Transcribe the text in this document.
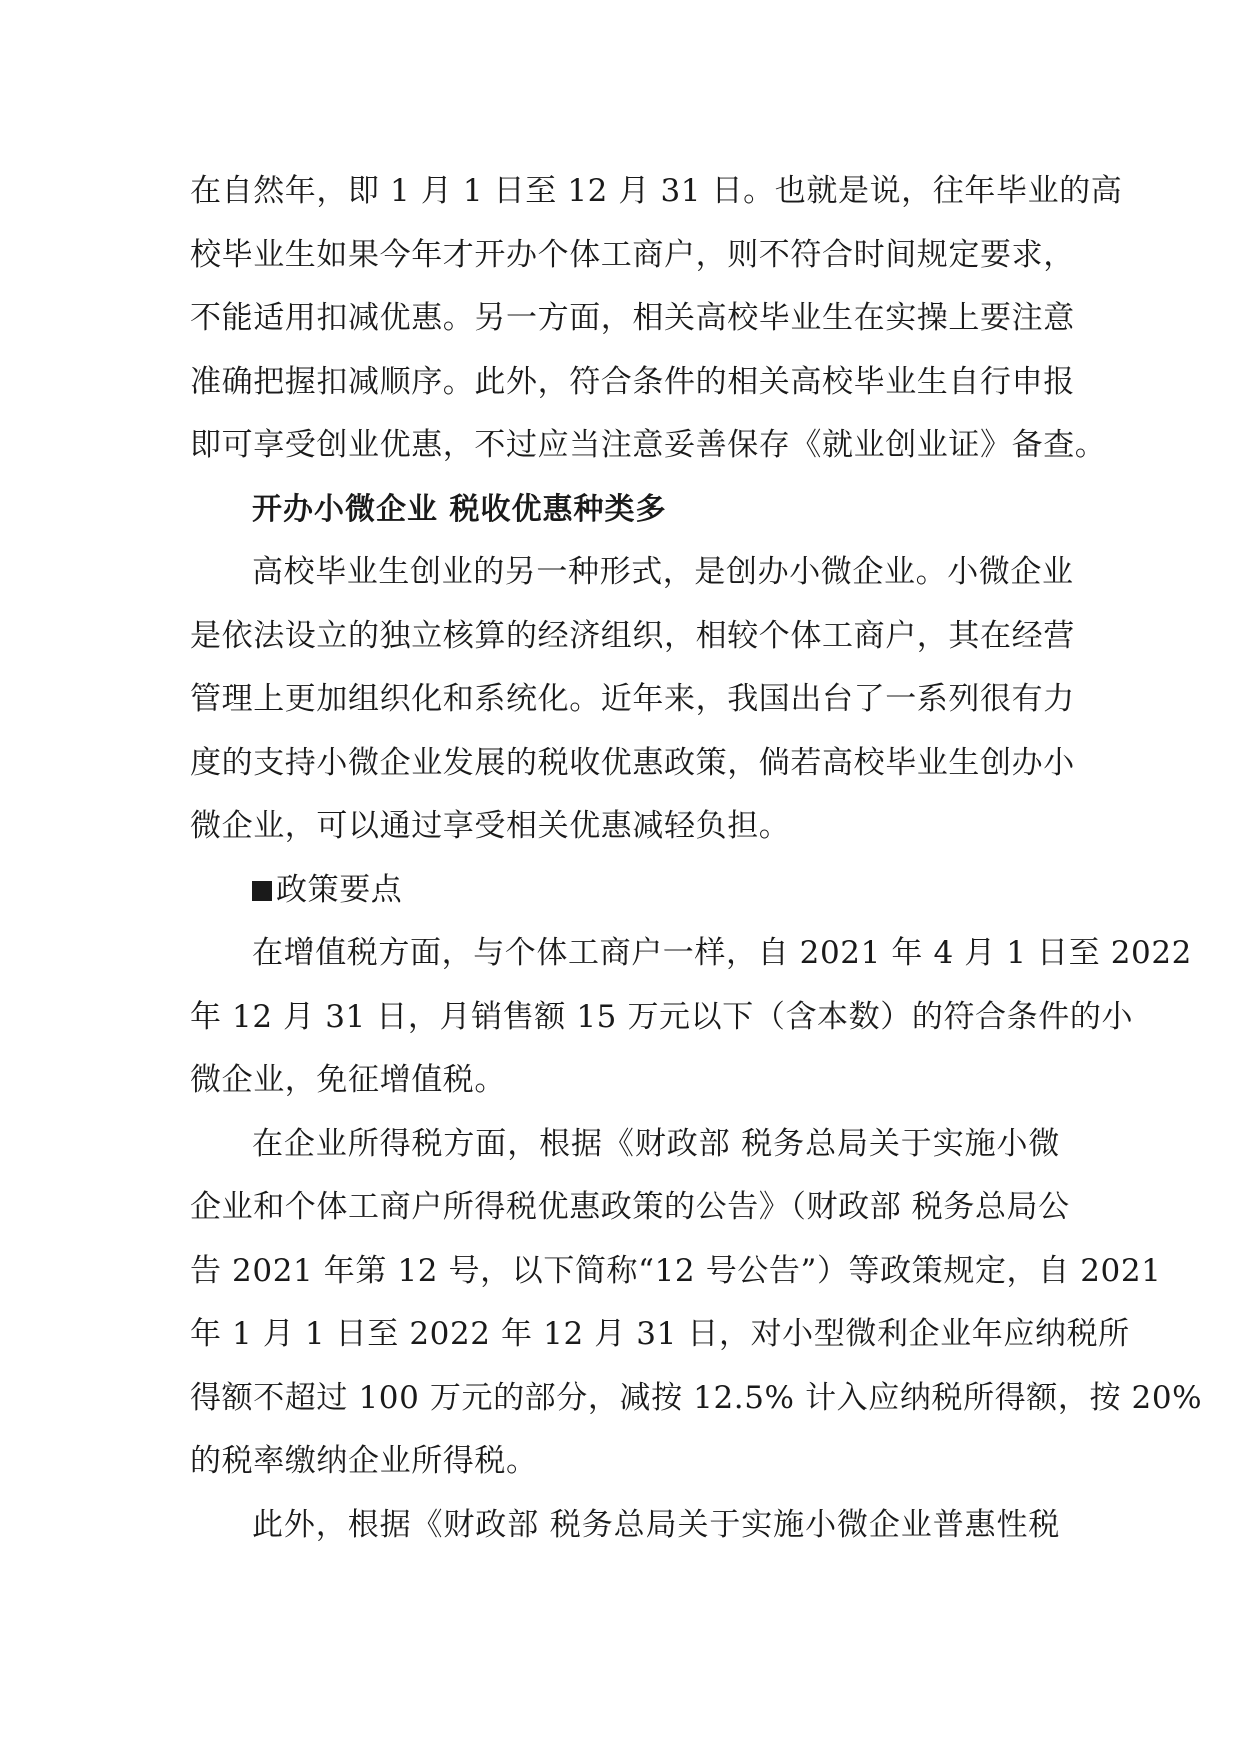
在自然年，即 1 月 1 日至 12 月 31 日。也就是说，往年毕业的高
校毕业生如果今年才开办个体工商户，则不符合时间规定要求，
不能适用扣减优惠。另一方面，相关高校毕业生在实操上要注意
准确把握扣减顺序。此外，符合条件的相关高校毕业生自行申报
即可享受创业优惠，不过应当注意妥善保存《就业创业证》备查。

开办小微企业 税收优惠种类多

高校毕业生创业的另一种形式，是创办小微企业。小微企业
是依法设立的独立核算的经济组织，相较个体工商户，其在经营
管理上更加组织化和系统化。近年来，我国出台了一系列很有力
度的支持小微企业发展的税收优惠政策，倘若高校毕业生创办小
微企业，可以通过享受相关优惠减轻负担。

政策要点

在增值税方面，与个体工商户一样，自 2021 年 4 月 1 日至 2022
年 12 月 31 日，月销售额 15 万元以下（含本数）的符合条件的小
微企业，免征增值税。

在企业所得税方面，根据《财政部 税务总局关于实施小微
企业和个体工商户所得税优惠政策的公告》（财政部 税务总局公
告 2021 年第 12 号，以下简称“12 号公告”）等政策规定，自 2021
年 1 月 1 日至 2022 年 12 月 31 日，对小型微利企业年应纳税所
得额不超过 100 万元的部分，减按 12.5% 计入应纳税所得额，按 20%
的税率缴纳企业所得税。

此外，根据《财政部 税务总局关于实施小微企业普惠性税
